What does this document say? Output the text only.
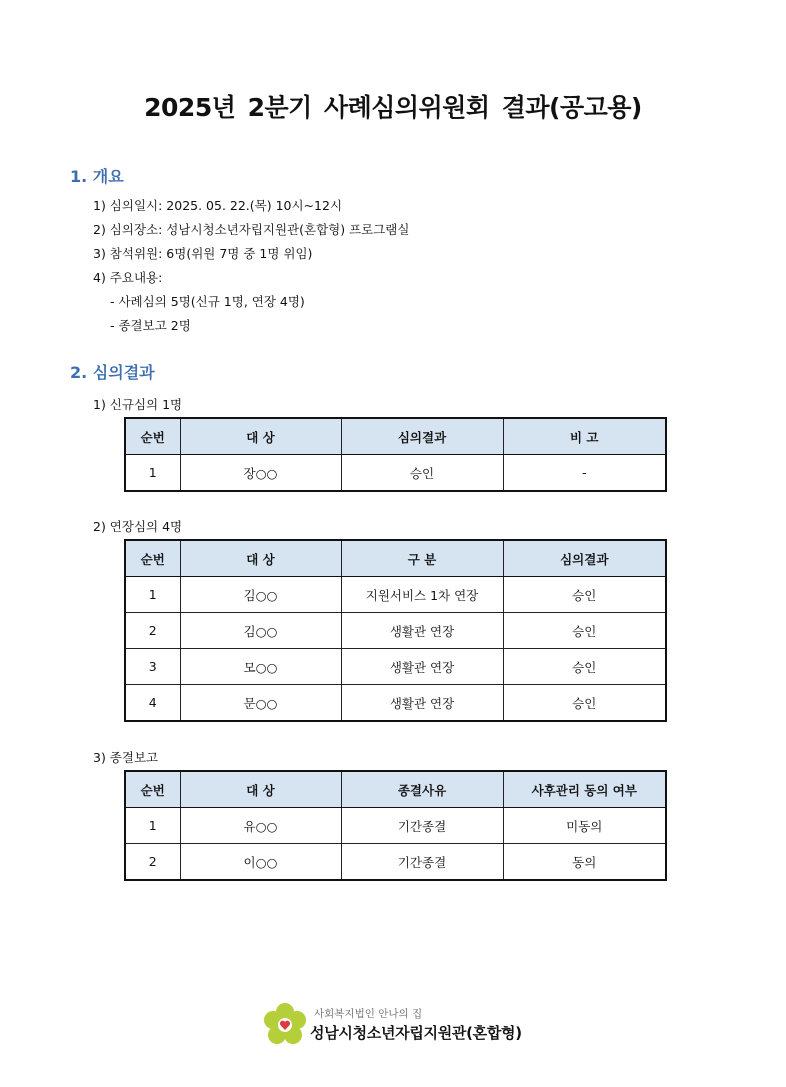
2025년 2분기 사례심의위원회 결과(공고용)
1. 개요
1) 심의일시: 2025. 05. 22.(목) 10시~12시
2) 심의장소: 성남시청소년자립지원관(혼합형) 프로그램실
3) 참석위원: 6명(위원 7명 중 1명 위임)
4) 주요내용:
- 사례심의 5명(신규 1명, 연장 4명)
- 종결보고 2명
2. 심의결과
1) 신규심의 1명
순번	대 상	심의결과	비 고
1	장○○	승인	-
2) 연장심의 4명
순번	대 상	구 분	심의결과
1	김○○	지원서비스 1차 연장	승인
2	김○○	생활관 연장	승인
3	모○○	생활관 연장	승인
4	문○○	생활관 연장	승인
3) 종결보고
순번	대 상	종결사유	사후관리 동의 여부
1	유○○	기간종결	미동의
2	이○○	기간종결	동의
사회복지법인 안나의 집
성남시청소년자립지원관(혼합형)
